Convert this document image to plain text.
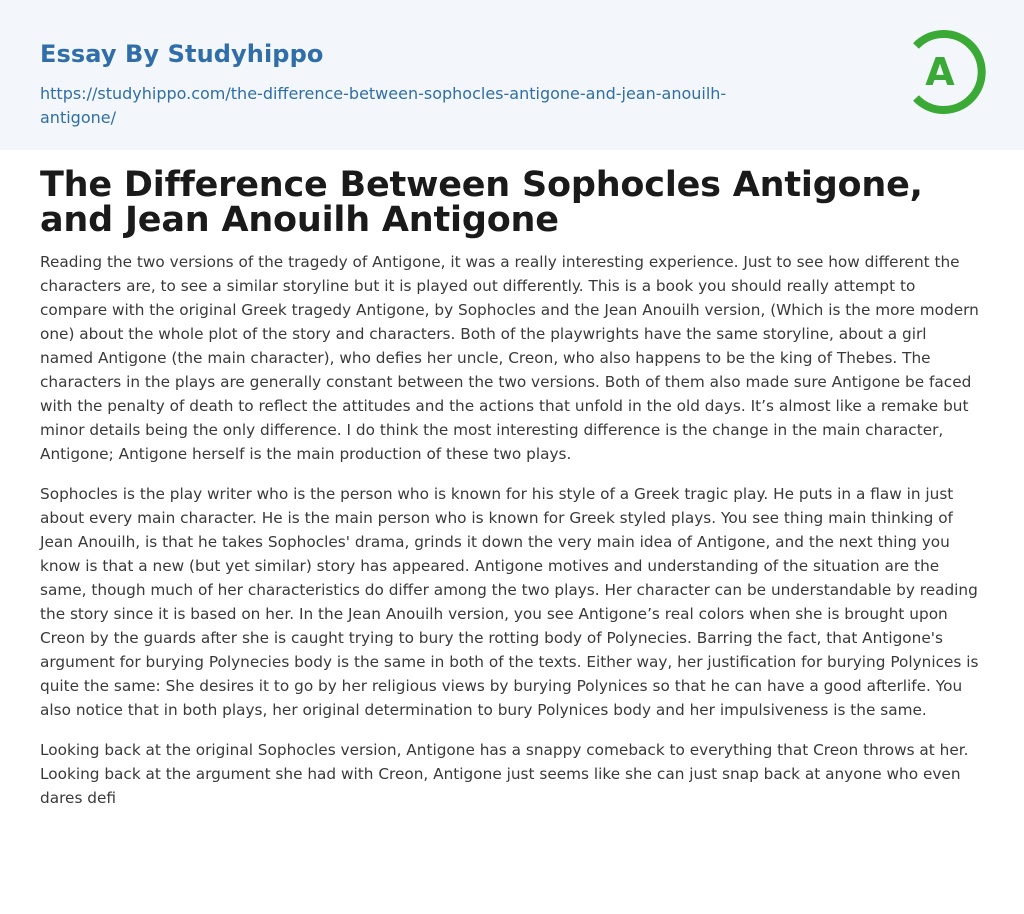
Essay By Studyhippo
https://studyhippo.com/the-difference-between-sophocles-antigone-and-jean-anouilh-antigone/
A
The Difference Between Sophocles Antigone, and Jean Anouilh Antigone

Reading the two versions of the tragedy of Antigone, it was a really interesting experience. Just to see how different the characters are, to see a similar storyline but it is played out differently. This is a book you should really attempt to compare with the original Greek tragedy Antigone, by Sophocles and the Jean Anouilh version, (Which is the more modern one) about the whole plot of the story and characters. Both of the playwrights have the same storyline, about a girl named Antigone (the main character), who defies her uncle, Creon, who also happens to be the king of Thebes. The characters in the plays are generally constant between the two versions. Both of them also made sure Antigone be faced with the penalty of death to reflect the attitudes and the actions that unfold in the old days. It’s almost like a remake but minor details being the only difference. I do think the most interesting difference is the change in the main character, Antigone; Antigone herself is the main production of these two plays.

Sophocles is the play writer who is the person who is known for his style of a Greek tragic play. He puts in a flaw in just about every main character. He is the main person who is known for Greek styled plays. You see thing main thinking of Jean Anouilh, is that he takes Sophocles' drama, grinds it down the very main idea of Antigone, and the next thing you know is that a new (but yet similar) story has appeared. Antigone motives and understanding of the situation are the same, though much of her characteristics do differ among the two plays. Her character can be understandable by reading the story since it is based on her. In the Jean Anouilh version, you see Antigone’s real colors when she is brought upon Creon by the guards after she is caught trying to bury the rotting body of Polynecies. Barring the fact, that Antigone's argument for burying Polynecies body is the same in both of the texts. Either way, her justification for burying Polynices is quite the same: She desires it to go by her religious views by burying Polynices so that he can have a good afterlife. You also notice that in both plays, her original determination to bury Polynices body and her impulsiveness is the same.

Looking back at the original Sophocles version, Antigone has a snappy comeback to everything that Creon throws at her. Looking back at the argument she had with Creon, Antigone just seems like she can just snap back at anyone who even dares defi
